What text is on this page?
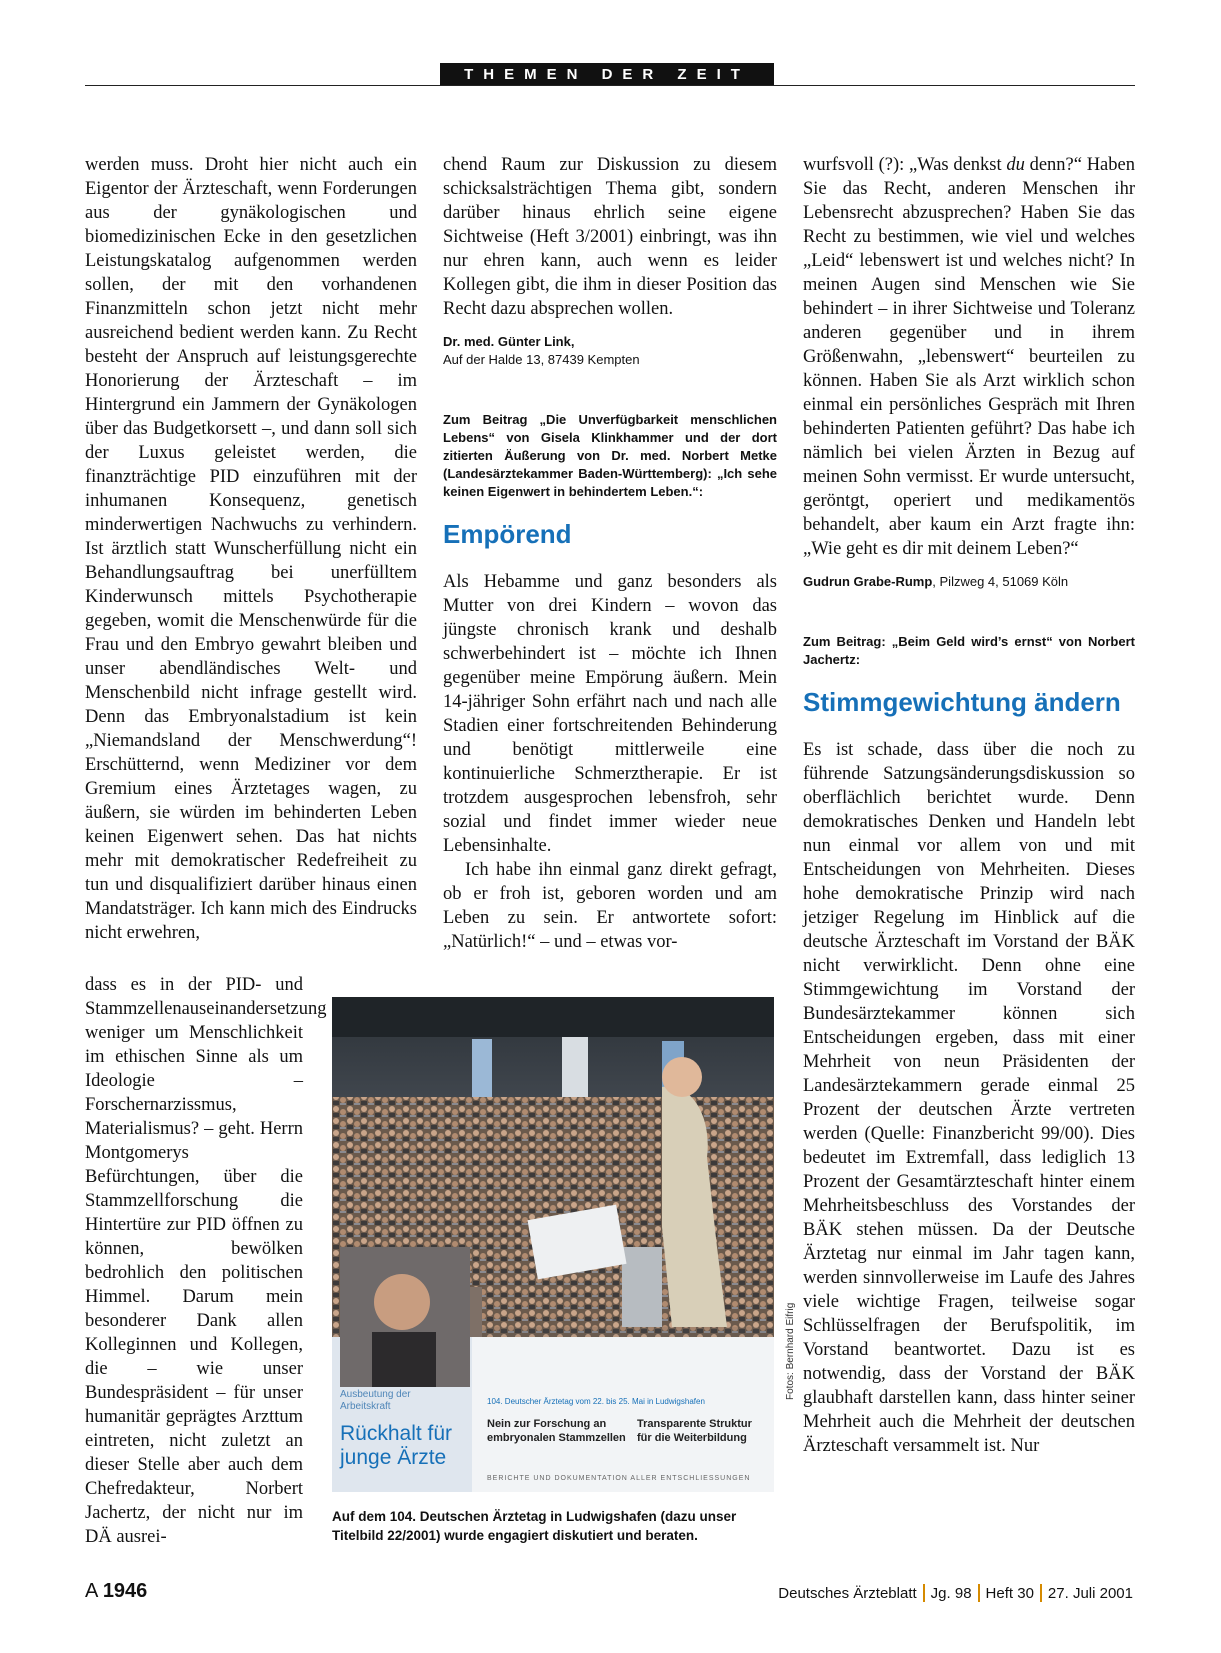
THEMEN DER ZEIT

werden muss. Droht hier nicht auch ein Eigentor der Ärzteschaft, wenn Forderungen aus der gynäkologischen und biomedizinischen Ecke in den gesetzlichen Leistungskatalog aufgenommen werden sollen, der mit den vorhandenen Finanzmitteln schon jetzt nicht mehr ausreichend bedient werden kann. Zu Recht besteht der Anspruch auf leistungsgerechte Honorierung der Ärzteschaft – im Hintergrund ein Jammern der Gynäkologen über das Budgetkorsett –, und dann soll sich der Luxus geleistet werden, die finanzträchtige PID einzuführen mit der inhumanen Konsequenz, genetisch minderwertigen Nachwuchs zu verhindern. Ist ärztlich statt Wunscherfüllung nicht ein Behandlungsauftrag bei unerfülltem Kinderwunsch mittels Psychotherapie gegeben, womit die Menschenwürde für die Frau und den Embryo gewahrt bleiben und unser abendländisches Welt- und Menschenbild nicht infrage gestellt wird. Denn das Embryonalstadium ist kein „Niemandsland der Menschwerdung“! Erschütternd, wenn Mediziner vor dem Gremium eines Ärztetages wagen, zu äußern, sie würden im behinderten Leben keinen Eigenwert sehen. Das hat nichts mehr mit demokratischer Redefreiheit zu tun und disqualifiziert darüber hinaus einen Mandatsträger. Ich kann mich des Eindrucks nicht erwehren,

dass es in der PID- und Stammzellenauseinandersetzung weniger um Menschlichkeit im ethischen Sinne als um Ideologie – Forschernarzissmus, Materialismus? – geht. Herrn Montgomerys Befürchtungen, über die Stammzellforschung die Hintertüre zur PID öffnen zu können, bewölken bedrohlich den politischen Himmel. Darum mein besonderer Dank allen Kolleginnen und Kollegen, die – wie unser Bundespräsident – für unser humanitär geprägtes Arzttum eintreten, nicht zuletzt an dieser Stelle aber auch dem Chefredakteur, Norbert Jachertz, der nicht nur im DÄ ausrei-

chend Raum zur Diskussion zu diesem schicksalsträchtigen Thema gibt, sondern darüber hinaus ehrlich seine eigene Sichtweise (Heft 3/2001) einbringt, was ihn nur ehren kann, auch wenn es leider Kollegen gibt, die ihm in dieser Position das Recht dazu absprechen wollen.

Dr. med. Günter Link,
Auf der Halde 13, 87439 Kempten

Zum Beitrag „Die Unverfügbarkeit menschlichen Lebens“ von Gisela Klinkhammer und der dort zitierten Äußerung von Dr. med. Norbert Metke (Landesärztekammer Baden-Württemberg): „Ich sehe keinen Eigenwert in behindertem Leben.“:

Empörend

Als Hebamme und ganz besonders als Mutter von drei Kindern – wovon das jüngste chronisch krank und deshalb schwerbehindert ist – möchte ich Ihnen gegenüber meine Empörung äußern. Mein 14-jähriger Sohn erfährt nach und nach alle Stadien einer fortschreitenden Behinderung und benötigt mittlerweile eine kontinuierliche Schmerztherapie. Er ist trotzdem ausgesprochen lebensfroh, sehr sozial und findet immer wieder neue Lebensinhalte.

Ich habe ihn einmal ganz direkt gefragt, ob er froh ist, geboren worden und am Leben zu sein. Er antwortete sofort: „Natürlich!“ – und – etwas vor-

wurfsvoll (?): „Was denkst du denn?“ Haben Sie das Recht, anderen Menschen ihr Lebensrecht abzusprechen? Haben Sie das Recht zu bestimmen, wie viel und welches „Leid“ lebenswert ist und welches nicht? In meinen Augen sind Menschen wie Sie behindert – in ihrer Sichtweise und Toleranz anderen gegenüber und in ihrem Größenwahn, „lebenswert“ beurteilen zu können. Haben Sie als Arzt wirklich schon einmal ein persönliches Gespräch mit Ihren behinderten Patienten geführt? Das habe ich nämlich bei vielen Ärzten in Bezug auf meinen Sohn vermisst. Er wurde untersucht, geröntgt, operiert und medikamentös behandelt, aber kaum ein Arzt fragte ihn: „Wie geht es dir mit deinem Leben?“

Gudrun Grabe-Rump, Pilzweg 4, 51069 Köln

Zum Beitrag: „Beim Geld wird’s ernst“ von Norbert Jachertz:

Stimmgewichtung ändern

Es ist schade, dass über die noch zu führende Satzungsänderungsdiskussion so oberflächlich berichtet wurde. Denn demokratisches Denken und Handeln lebt nun einmal vor allem von und mit Entscheidungen von Mehrheiten. Dieses hohe demokratische Prinzip wird nach jetziger Regelung im Hinblick auf die deutsche Ärzteschaft im Vorstand der BÄK nicht verwirklicht. Denn ohne eine Stimmgewichtung im Vorstand der Bundesärztekammer können sich Entscheidungen ergeben, dass mit einer Mehrheit von neun Präsidenten der Landesärztekammern gerade einmal 25 Prozent der deutschen Ärzte vertreten werden (Quelle: Finanzbericht 99/00). Dies bedeutet im Extremfall, dass lediglich 13 Prozent der Gesamtärzteschaft hinter einem Mehrheitsbeschluss des Vorstandes der BÄK stehen müssen. Da der Deutsche Ärztetag nur einmal im Jahr tagen kann, werden sinnvollerweise im Laufe des Jahres viele wichtige Fragen, teilweise sogar Schlüsselfragen der Berufspolitik, im Vorstand beantwortet. Dazu ist es notwendig, dass der Vorstand der BÄK glaubhaft darstellen kann, dass hinter seiner Mehrheit auch die Mehrheit der deutschen Ärzteschaft versammelt ist. Nur

Ausbeutung der
Arbeitskraft
Rückhalt für
junge Ärzte
104. Deutscher Ärztetag vom 22. bis 25. Mai in Ludwigshafen
Nein zur Forschung an
embryonalen Stammzellen
Transparente Struktur
für die Weiterbildung
BERICHTE UND DOKUMENTATION ALLER ENTSCHLIESSUNGEN
Fotos: Bernhard Eifrig
Auf dem 104. Deutschen Ärztetag in Ludwigshafen (dazu unser Titelbild 22/2001) wurde engagiert diskutiert und beraten.
A 1946	Deutsches Ärzteblatt Jg. 98 Heft 30 27. Juli 2001
